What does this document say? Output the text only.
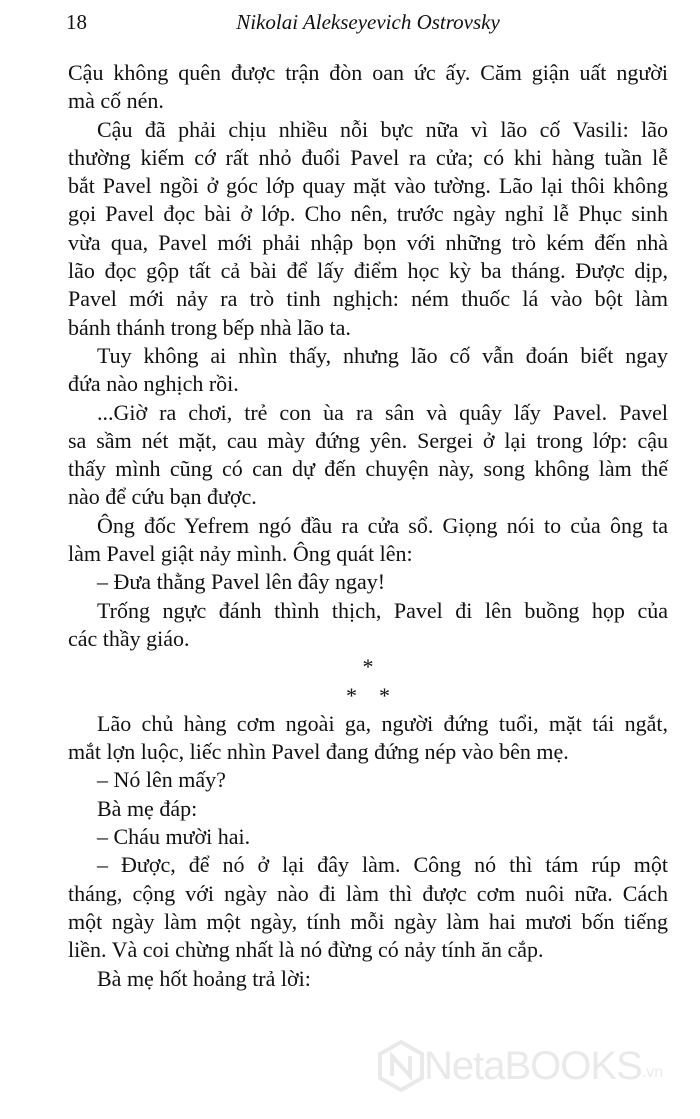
18	Nikolai Alekseyevich Ostrovsky
Cậu không quên được trận đòn oan ức ấy. Căm giận uất người
mà cố nén.
Cậu đã phải chịu nhiều nỗi bực nữa vì lão cố Vasili: lão
thường kiếm cớ rất nhỏ đuổi Pavel ra cửa; có khi hàng tuần lễ
bắt Pavel ngồi ở góc lớp quay mặt vào tường. Lão lại thôi không
gọi Pavel đọc bài ở lớp. Cho nên, trước ngày nghỉ lễ Phục sinh
vừa qua, Pavel mới phải nhập bọn với những trò kém đến nhà
lão đọc gộp tất cả bài để lấy điểm học kỳ ba tháng. Được dịp,
Pavel mới nảy ra trò tinh nghịch: ném thuốc lá vào bột làm
bánh thánh trong bếp nhà lão ta.
Tuy không ai nhìn thấy, nhưng lão cố vẫn đoán biết ngay
đứa nào nghịch rồi.
...Giờ ra chơi, trẻ con ùa ra sân và quây lấy Pavel. Pavel
sa sầm nét mặt, cau mày đứng yên. Sergei ở lại trong lớp: cậu
thấy mình cũng có can dự đến chuyện này, song không làm thế
nào để cứu bạn được.
Ông đốc Yefrem ngó đầu ra cửa sổ. Giọng nói to của ông ta
làm Pavel giật nảy mình. Ông quát lên:
– Đưa thằng Pavel lên đây ngay!
Trống ngực đánh thình thịch, Pavel đi lên buồng họp của
các thầy giáo.
*
*    *
Lão chủ hàng cơm ngoài ga, người đứng tuổi, mặt tái ngắt,
mắt lợn luộc, liếc nhìn Pavel đang đứng nép vào bên mẹ.
– Nó lên mấy?
Bà mẹ đáp:
– Cháu mười hai.
– Được, để nó ở lại đây làm. Công nó thì tám rúp một
tháng, cộng với ngày nào đi làm thì được cơm nuôi nữa. Cách
một ngày làm một ngày, tính mỗi ngày làm hai mươi bốn tiếng
liền. Và coi chừng nhất là nó đừng có nảy tính ăn cắp.
Bà mẹ hốt hoảng trả lời:
NetaBOOKS .vn
